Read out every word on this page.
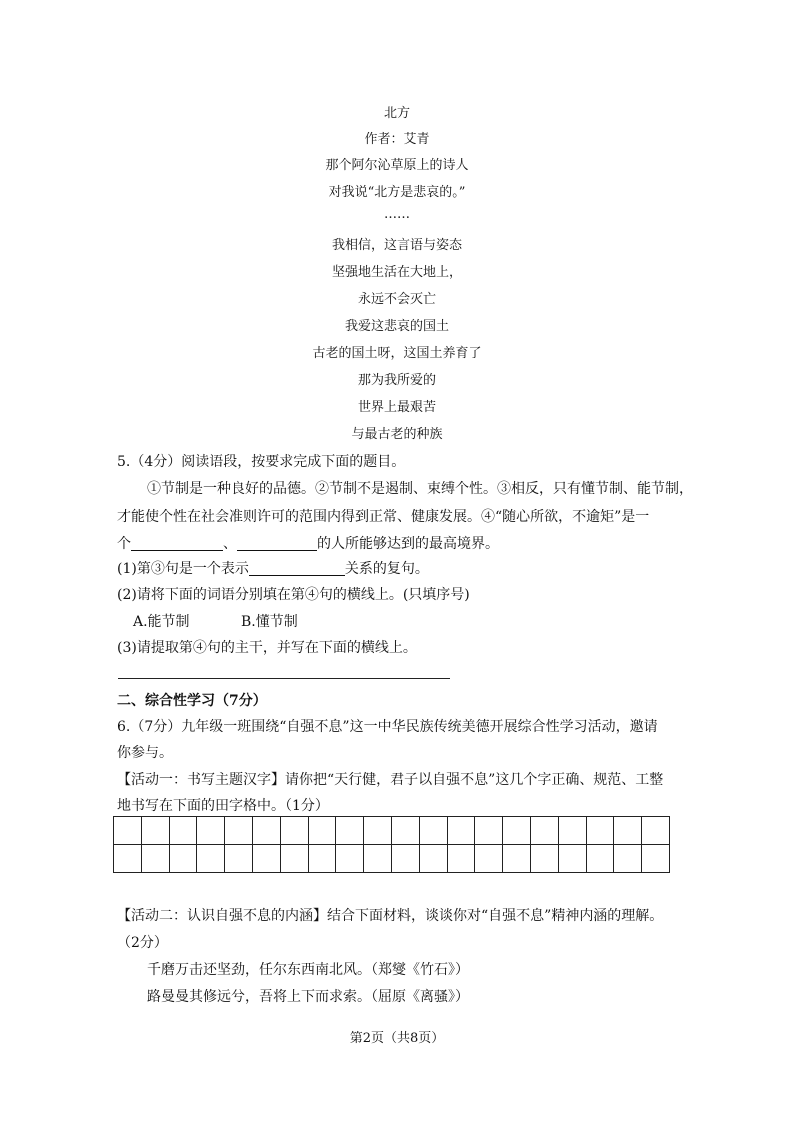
北方
作者：艾青
那个阿尔沁草原上的诗人
对我说“北方是悲哀的。”
……
我相信，这言语与姿态
坚强地生活在大地上，
永远不会灭亡
我爱这悲哀的国土
古老的国土呀，这国土养育了
那为我所爱的
世界上最艰苦
与最古老的种族
5.（4分）阅读语段，按要求完成下面的题目。
①节制是一种良好的品德。②节制不是遏制、束缚个性。③相反，只有懂节制、能节制，
才能使个性在社会准则许可的范围内得到正常、健康发展。④“随心所欲，不逾矩”是一
个	、	的人所能够达到的最高境界。
(1)第③句是一个表示	关系的复句。
(2)请将下面的词语分别填在第④句的横线上。(只填序号)
A.能节制	B.懂节制
(3)请提取第④句的主干，并写在下面的横线上。
二、综合性学习（7分）
6.（7分）九年级一班围绕“自强不息”这一中华民族传统美德开展综合性学习活动，邀请
你参与。
【活动一：书写主题汉字】请你把“天行健，君子以自强不息”这几个字正确、规范、工整
地书写在下面的田字格中。（1分）

【活动二：认识自强不息的内涵】结合下面材料，谈谈你对“自强不息”精神内涵的理解。
（2分）
千磨万击还坚劲，任尔东西南北风。（郑燮《竹石》）
路曼曼其修远兮，吾将上下而求索。（屈原《离骚》）
第2页（共8页）
